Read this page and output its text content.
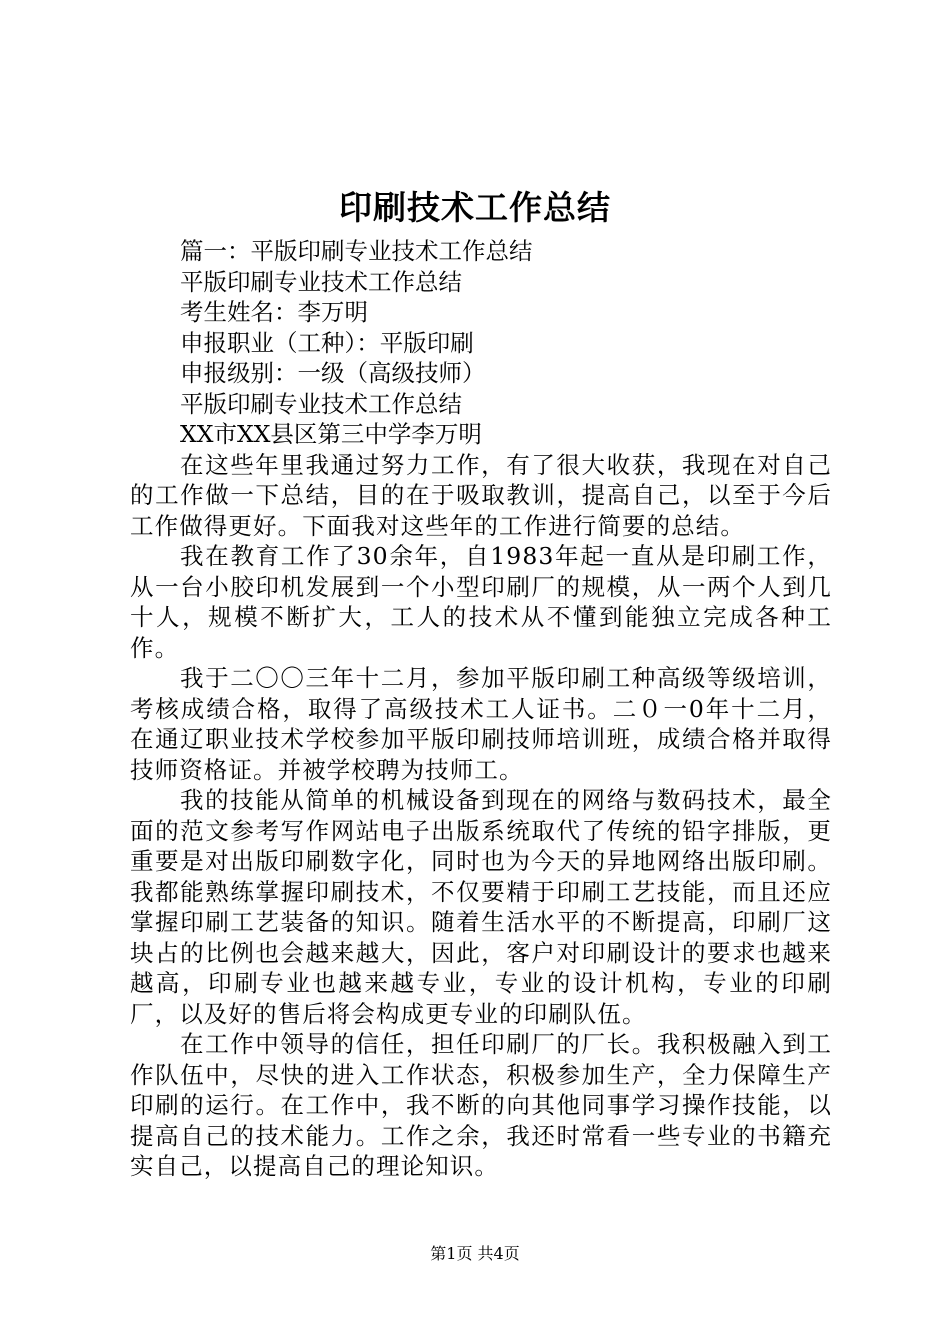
印刷技术工作总结

篇一：平版印刷专业技术工作总结

平版印刷专业技术工作总结

考生姓名：李万明

申报职业（工种）：平版印刷

申报级别：一级（高级技师）

平版印刷专业技术工作总结

XX市XX县区第三中学李万明

在这些年里我通过努力工作，有了很大收获，我现在对自己的工作做一下总结，目的在于吸取教训，提高自己，以至于今后工作做得更好。下面我对这些年的工作进行简要的总结。

我在教育工作了30余年，自1983年起一直从是印刷工作，从一台小胶印机发展到一个小型印刷厂的规模，从一两个人到几十人，规模不断扩大，工人的技术从不懂到能独立完成各种工作。

我于二〇〇三年十二月，参加平版印刷工种高级等级培训，考核成绩合格，取得了高级技术工人证书。二０一0年十二月，在通辽职业技术学校参加平版印刷技师培训班，成绩合格并取得技师资格证。并被学校聘为技师工。

我的技能从简单的机械设备到现在的网络与数码技术，最全面的范文参考写作网站电子出版系统取代了传统的铅字排版，更重要是对出版印刷数字化，同时也为今天的异地网络出版印刷。我都能熟练掌握印刷技术，不仅要精于印刷工艺技能，而且还应掌握印刷工艺装备的知识。随着生活水平的不断提高，印刷厂这块占的比例也会越来越大，因此，客户对印刷设计的要求也越来越高，印刷专业也越来越专业，专业的设计机构，专业的印刷厂，以及好的售后将会构成更专业的印刷队伍。

在工作中领导的信任，担任印刷厂的厂长。我积极融入到工作队伍中，尽快的进入工作状态，积极参加生产，全力保障生产印刷的运行。在工作中，我不断的向其他同事学习操作技能，以提高自己的技术能力。工作之余，我还时常看一些专业的书籍充实自己，以提高自己的理论知识。

第1页 共4页
